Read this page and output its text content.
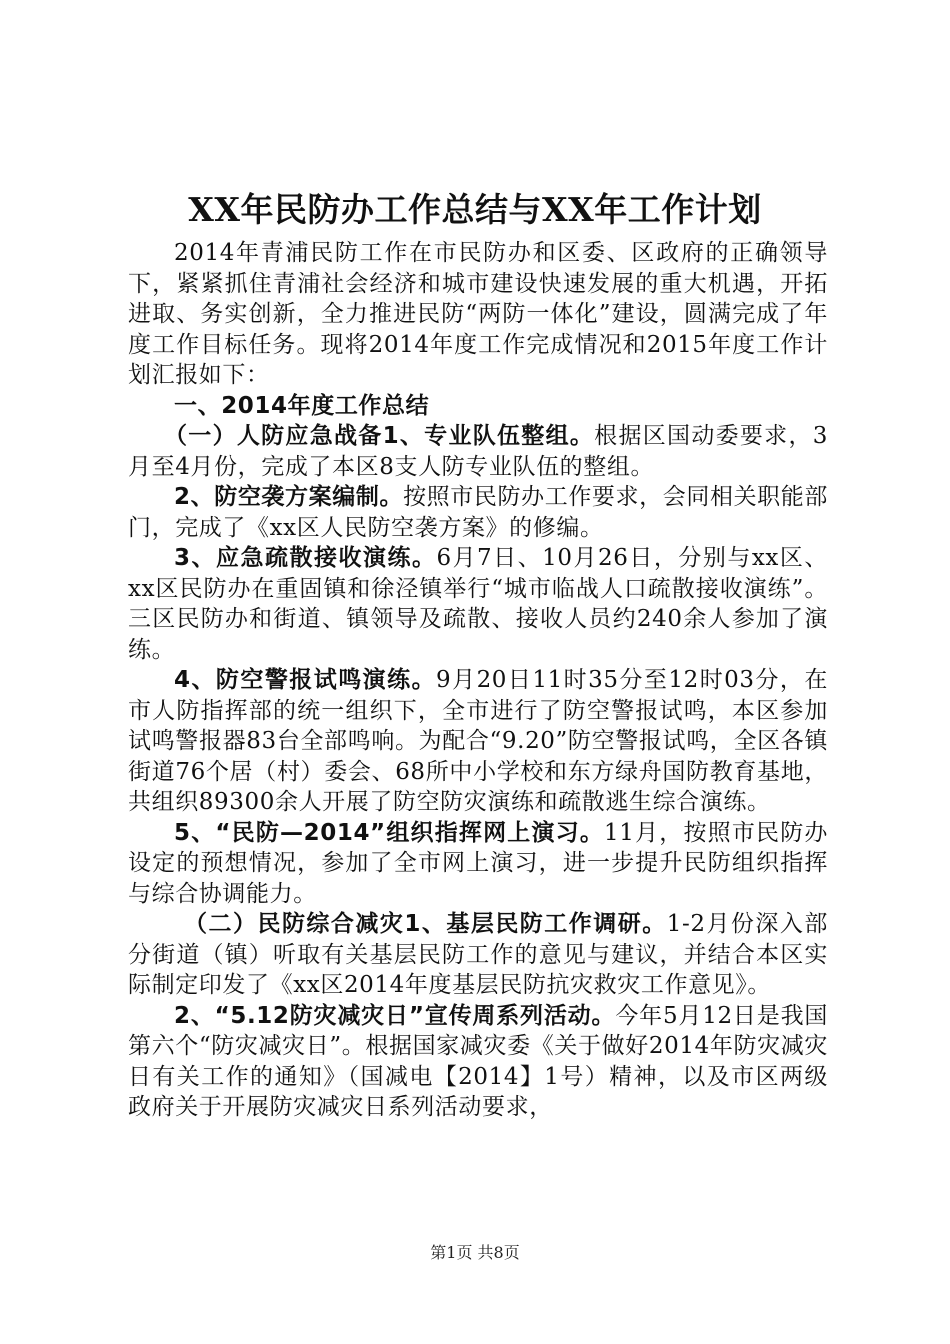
XX年民防办工作总结与XX年工作计划

2014年青浦民防工作在市民防办和区委、区政府的正确领导下，紧紧抓住青浦社会经济和城市建设快速发展的重大机遇，开拓进取、务实创新，全力推进民防“两防一体化”建设，圆满完成了年度工作目标任务。现将2014年度工作完成情况和2015年度工作计划汇报如下：

一、2014年度工作总结

（一）人防应急战备1、专业队伍整组。根据区国动委要求，3月至4月份，完成了本区8支人防专业队伍的整组。

2、防空袭方案编制。按照市民防办工作要求，会同相关职能部门，完成了《xx区人民防空袭方案》的修编。

3、应急疏散接收演练。6月7日、10月26日，分别与xx区、xx区民防办在重固镇和徐泾镇举行“城市临战人口疏散接收演练”。三区民防办和街道、镇领导及疏散、接收人员约240余人参加了演练。

4、防空警报试鸣演练。9月20日11时35分至12时03分，在市人防指挥部的统一组织下，全市进行了防空警报试鸣，本区参加试鸣警报器83台全部鸣响。为配合“9.20”防空警报试鸣，全区各镇街道76个居（村）委会、68所中小学校和东方绿舟国防教育基地，共组织89300余人开展了防空防灾演练和疏散逃生综合演练。

5、“民防—2014”组织指挥网上演习。11月，按照市民防办设定的预想情况，参加了全市网上演习，进一步提升民防组织指挥与综合协调能力。

（二）民防综合减灾1、基层民防工作调研。1-2月份深入部分街道（镇）听取有关基层民防工作的意见与建议，并结合本区实际制定印发了《xx区2014年度基层民防抗灾救灾工作意见》。

2、“5.12防灾减灾日”宣传周系列活动。今年5月12日是我国第六个“防灾减灾日”。根据国家减灾委《关于做好2014年防灾减灾日有关工作的通知》（国减电【2014】1号）精神，以及市区两级政府关于开展防灾减灾日系列活动要求，

第1页 共8页
